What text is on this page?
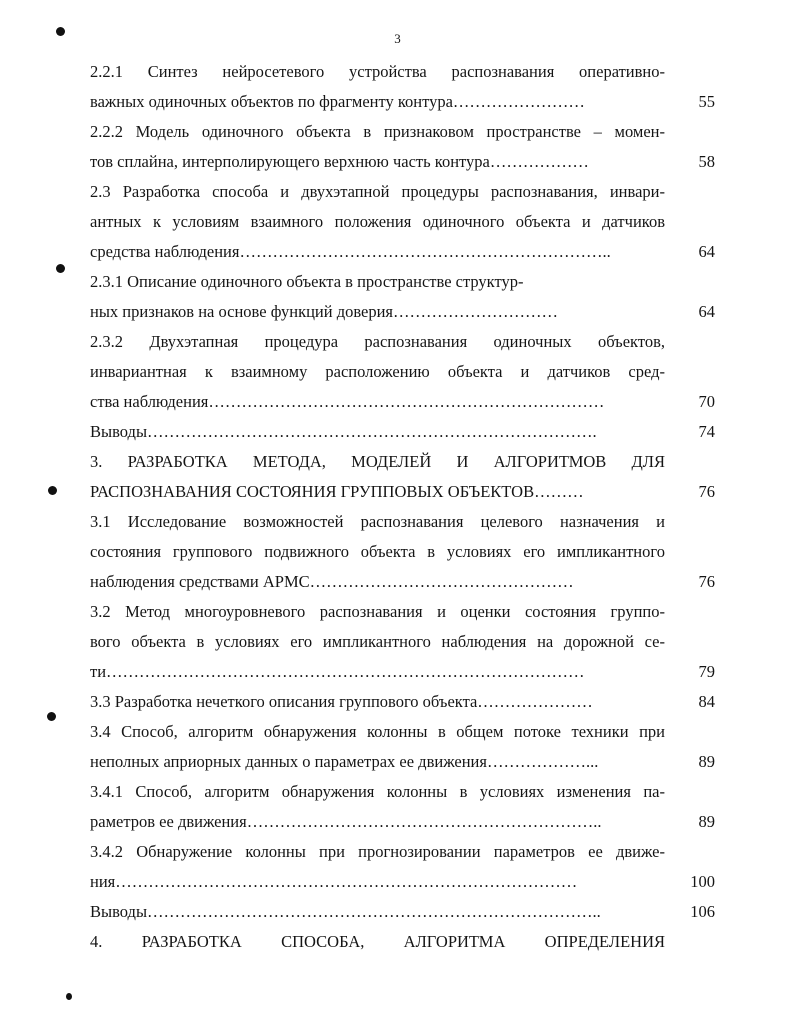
3
2.2.1 Синтез нейросетевого устройства распознавания оперативно-
важных одиночных объектов по фрагменту контура……………………	55
2.2.2 Модель одиночного объекта в признаковом пространстве – момен-
тов сплайна, интерполирующего верхнюю часть контура………………	58
2.3 Разработка способа и двухэтапной процедуры распознавания, инвари-
антных к условиям взаимного положения одиночного объекта и датчиков
средства наблюдения…………………………………………………………..	64
2.3.1 Описание одиночного объекта в пространстве структур-
ных признаков на основе функций доверия…………………………	64
2.3.2 Двухэтапная процедура распознавания одиночных объектов,
инвариантная к взаимному расположению объекта и датчиков сред-
ства наблюдения………………………………………………………………	70
Выводы……………………………………………………………………….	74
3. РАЗРАБОТКА МЕТОДА, МОДЕЛЕЙ И АЛГОРИТМОВ ДЛЯ
РАСПОЗНАВАНИЯ СОСТОЯНИЯ ГРУППОВЫХ ОБЪЕКТОВ………	76
3.1 Исследование возможностей распознавания целевого назначения и
состояния группового подвижного объекта в условиях его импликантного
наблюдения средствами АРМС…………………………………………	76
3.2 Метод многоуровневого распознавания и оценки состояния группо-
вого объекта в условиях его импликантного наблюдения на дорожной се-
ти……………………………………………………………………………	79
3.3 Разработка нечеткого описания группового объекта…………………	84
3.4 Способ, алгоритм обнаружения колонны в общем потоке техники при
неполных априорных данных о параметрах ее движения………………...	89
3.4.1 Способ, алгоритм обнаружения колонны в условиях изменения па-
раметров ее движения………………………………………………………..	89
3.4.2 Обнаружение колонны при прогнозировании параметров ее движе-
ния…………………………………………………………………………	100
Выводы………………………………………………………………………..	106
4. РАЗРАБОТКА СПОСОБА, АЛГОРИТМА ОПРЕДЕЛЕНИЯ
